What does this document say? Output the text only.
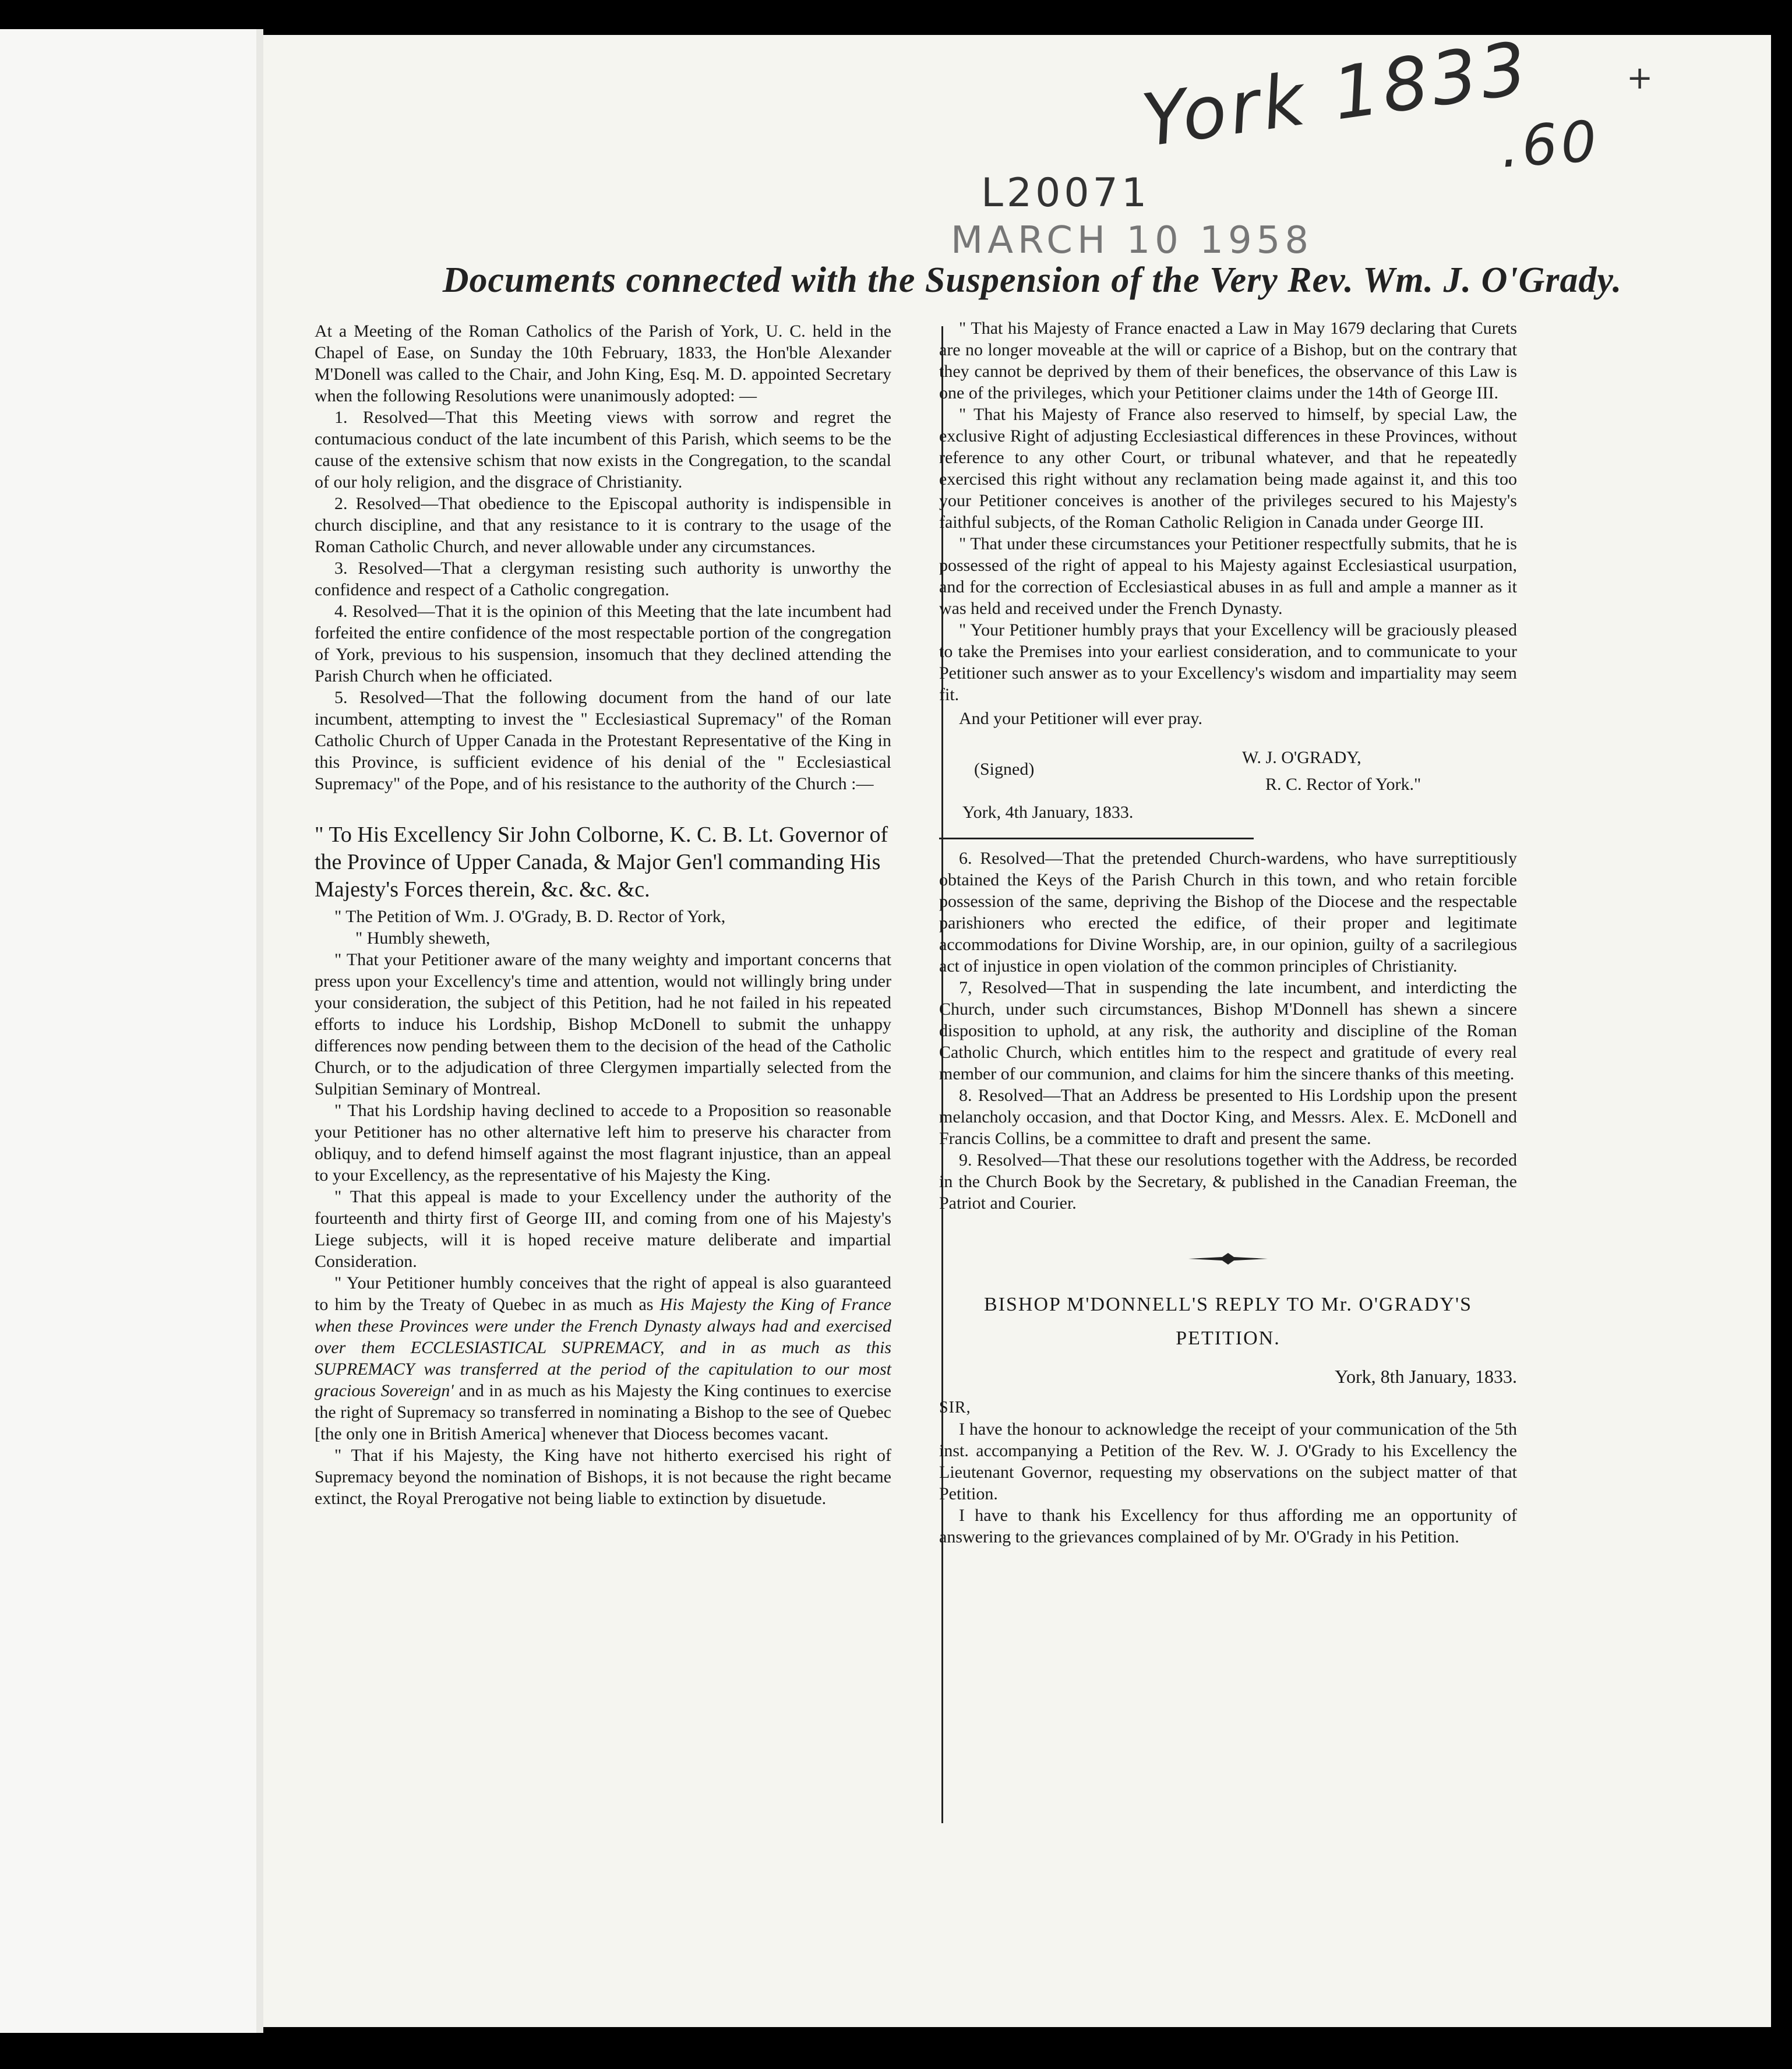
+
York 1833
.60
L20071
MARCH 10 1958
Documents connected with the Suspension of the Very Rev. Wm. J. O'Grady.

At a Meeting of the Roman Catholics of the Parish of York, U. C. held in the Chapel of Ease, on Sunday the 10th February, 1833, the Hon'ble Alexander M'Donell was called to the Chair, and John King, Esq. M. D. appointed Secretary when the following Resolutions were unanimously adopted: —

1. Resolved—That this Meeting views with sorrow and regret the contumacious conduct of the late incumbent of this Parish, which seems to be the cause of the extensive schism that now exists in the Congregation, to the scandal of our holy religion, and the disgrace of Christianity.

2. Resolved—That obedience to the Episcopal authority is indispensible in church discipline, and that any resistance to it is contrary to the usage of the Roman Catholic Church, and never allowable under any circumstances.

3. Resolved—That a clergyman resisting such authority is unworthy the confidence and respect of a Catholic congregation.

4. Resolved—That it is the opinion of this Meeting that the late incumbent had forfeited the entire confidence of the most respectable portion of the congregation of York, previous to his suspension, insomuch that they declined attending the Parish Church when he officiated.

5. Resolved—That the following document from the hand of our late incumbent, attempting to invest the " Ecclesiastical Supremacy" of the Roman Catholic Church of Upper Canada in the Protestant Representative of the King in this Province, is sufficient evidence of his denial of the " Ecclesiastical Supremacy" of the Pope, and of his resistance to the authority of the Church :—

" To His Excellency Sir John Colborne, K. C. B. Lt. Governor of the Province of Upper Canada, & Major Gen'l commanding His Majesty's Forces therein, &c. &c. &c.

" The Petition of Wm. J. O'Grady, B. D. Rector of York,

" Humbly sheweth,

" That your Petitioner aware of the many weighty and important concerns that press upon your Excellency's time and attention, would not willingly bring under your consideration, the subject of this Petition, had he not failed in his repeated efforts to induce his Lordship, Bishop McDonell to submit the unhappy differences now pending between them to the decision of the head of the Catholic Church, or to the adjudication of three Clergymen impartially selected from the Sulpitian Seminary of Montreal.

" That his Lordship having declined to accede to a Proposition so reasonable your Petitioner has no other alternative left him to preserve his character from obliquy, and to defend himself against the most flagrant injustice, than an appeal to your Excellency, as the representative of his Majesty the King.

" That this appeal is made to your Excellency under the authority of the fourteenth and thirty first of George III, and coming from one of his Majesty's Liege subjects, will it is hoped receive mature deliberate and impartial Consideration.

" Your Petitioner humbly conceives that the right of appeal is also guaranteed to him by the Treaty of Quebec in as much as His Majesty the King of France when these Provinces were under the French Dynasty always had and exercised over them ECCLESIASTICAL SUPREMACY, and in as much as this SUPREMACY was transferred at the period of the capitulation to our most gracious Sovereign' and in as much as his Majesty the King continues to exercise the right of Supremacy so transferred in nominating a Bishop to the see of Quebec [the only one in British America] whenever that Diocess becomes vacant.

" That if his Majesty, the King have not hitherto exercised his right of Supremacy beyond the nomination of Bishops, it is not because the right became extinct, the Royal Prerogative not being liable to extinction by disuetude.

" That his Majesty of France enacted a Law in May 1679 declaring that Curets are no longer moveable at the will or caprice of a Bishop, but on the contrary that they cannot be deprived by them of their benefices, the observance of this Law is one of the privileges, which your Petitioner claims under the 14th of George III.

" That his Majesty of France also reserved to himself, by special Law, the exclusive Right of adjusting Ecclesiastical differences in these Provinces, without reference to any other Court, or tribunal whatever, and that he repeatedly exercised this right without any reclamation being made against it, and this too your Petitioner conceives is another of the privileges secured to his Majesty's faithful subjects, of the Roman Catholic Religion in Canada under George III.

" That under these circumstances your Petitioner respectfully submits, that he is possessed of the right of appeal to his Majesty against Ecclesiastical usurpation, and for the correction of Ecclesiastical abuses in as full and ample a manner as it was held and received under the French Dynasty.

" Your Petitioner humbly prays that your Excellency will be graciously pleased to take the Premises into your earliest consideration, and to communicate to your Petitioner such answer as to your Excellency's wisdom and impartiality may seem fit.

And your Petitioner will ever pray.

(Signed)
W. J. O'GRADY,
R. C. Rector of York."
York, 4th January, 1833.

6. Resolved—That the pretended Church-wardens, who have surreptitiously obtained the Keys of the Parish Church in this town, and who retain forcible possession of the same, depriving the Bishop of the Diocese and the respectable parishioners who erected the edifice, of their proper and legitimate accommodations for Divine Worship, are, in our opinion, guilty of a sacrilegious act of injustice in open violation of the common principles of Christianity.

7, Resolved—That in suspending the late incumbent, and interdicting the Church, under such circumstances, Bishop M'Donnell has shewn a sincere disposition to uphold, at any risk, the authority and discipline of the Roman Catholic Church, which entitles him to the respect and gratitude of every real member of our communion, and claims for him the sincere thanks of this meeting.

8. Resolved—That an Address be presented to His Lordship upon the present melancholy occasion, and that Doctor King, and Messrs. Alex. E. McDonell and Francis Collins, be a committee to draft and present the same.

9. Resolved—That these our resolutions together with the Address, be recorded in the Church Book by the Secretary, & published in the Canadian Freeman, the Patriot and Courier.

BISHOP M'DONNELL'S REPLY TO Mr. O'GRADY'S

PETITION.

York, 8th January, 1833.

SIR,

I have the honour to acknowledge the receipt of your communication of the 5th inst. accompanying a Petition of the Rev. W. J. O'Grady to his Excellency the Lieutenant Governor, requesting my observations on the subject matter of that Petition.

I have to thank his Excellency for thus affording me an opportunity of answering to the grievances complained of by Mr. O'Grady in his Petition.
